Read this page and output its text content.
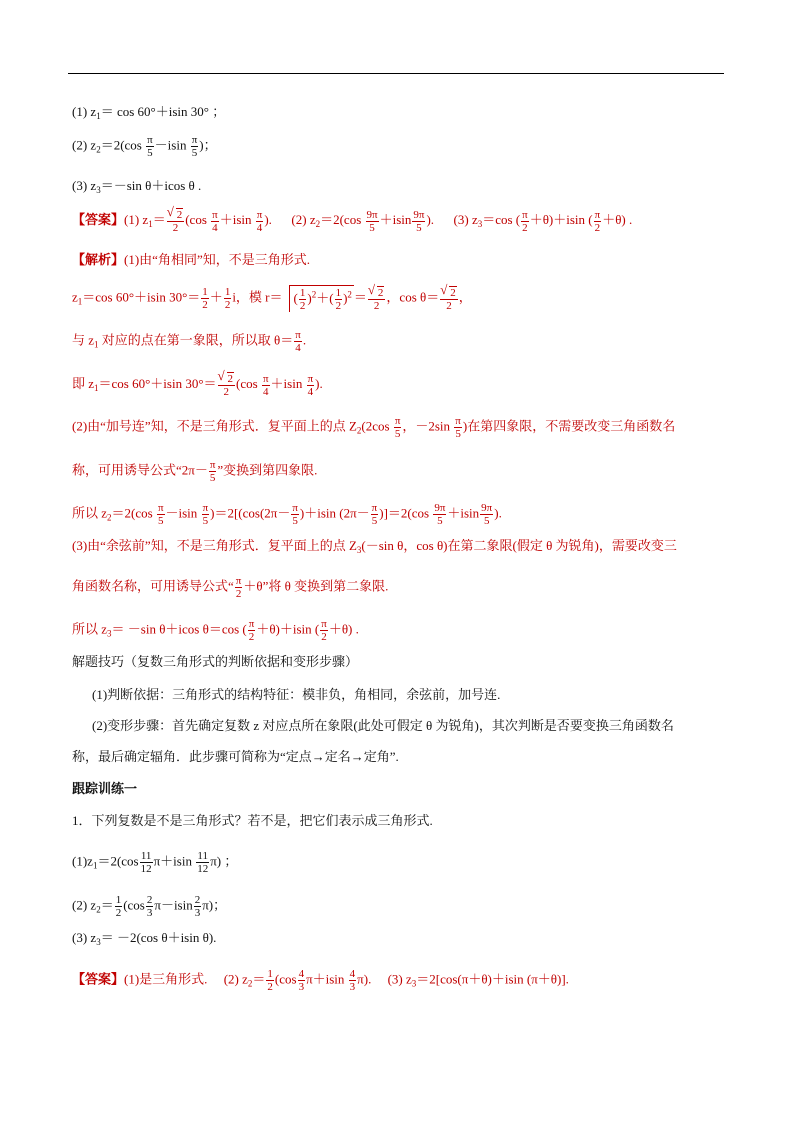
(1) $z_1= \cos 60^\circ+isin$ 30° ；
(2) $z_2=2(\cos \frac{\pi}{5} -isin \frac{\pi}{5}$ )；
(3) $z_3=-\sin$ θ＋icos θ .
【答案】(1) $z_1=$ √ $\frac{2}{2} (\cos \frac{\pi}{4} +isin \frac{\pi}{4}$ ). (2) $z_2=2(\cos \frac{9\pi}{5} +isin \frac{9\pi}{5}$ ). (3) $z_3=\cos$ ( $\frac{\pi}{2} +\theta)+isin$ ( $\frac{\pi}{2} +\theta$) .
【解析】(1)由“角相同”知，不是三角形式.
$z_1=\cos$ 60°＋isin $30^\circ= \frac{1}{2} + \frac{1}{2}$ i，模 r＝ ( $\frac{1}{2} )^2+( \frac{1}{2} )^2$ ＝ √ $\frac{2}{2}$ ，cos θ＝ √ $\frac{2}{2}$ ，
与 $z_1$ 对应的点在第一象限，所以取 $\theta= \frac{\pi}{4}$ .
即 $z_1=\cos$ 60°＋isin 30°＝ √ $\frac{2}{2} (\cos \frac{\pi}{4} +isin \frac{\pi}{4}$ ).
(2)由“加号连”知，不是三角形式．复平面上的点 $Z_2(2\cos \frac{\pi}{5}$ ，$-2\sin \frac{\pi}{5}$ )在第四象限，不需要改变三角函数名
称，可用诱导公式“$2\pi- \frac{\pi}{5}$ ”变换到第四象限.
所以 $z_2=2(\cos \frac{\pi}{5} -isin \frac{\pi}{5} )=2[(\cos(2\pi- \frac{\pi}{5} )+isin$ $(2\pi- \frac{\pi}{5} )]=2(\cos \frac{9\pi}{5} +isin \frac{9\pi}{5}$ ).
(3)由“余弦前”知，不是三角形式．复平面上的点 $Z_3(-\sin$ θ，cos θ)在第二象限(假定 θ 为锐角)，需要改变三
角函数名称，可用诱导公式“ $\frac{\pi}{2} +\theta$”将 θ 变换到第二象限.
所以 $z_3= -\sin$ θ＋icos θ＝cos ( $\frac{\pi}{2} +\theta)+isin$ ( $\frac{\pi}{2} +\theta$) .
解题技巧（复数三角形式的判断依据和变形步骤）
(1)判断依据：三角形式的结构特征：模非负，角相同，余弦前，加号连.
(2)变形步骤：首先确定复数 z 对应点所在象限(此处可假定 θ 为锐角)，其次判断是否要变换三角函数名
称，最后确定辐角．此步骤可简称为“定点→定名→定角”.
跟踪训练一
1．下列复数是不是三角形式？若不是，把它们表示成三角形式.
$(1)z_1=2(\cos \frac{11}{12} \pi+isin \frac{11}{12} \pi)$ ；
(2) $z_2= \frac{1}{2} (\cos \frac{2}{3} \pi-isin \frac{2}{3} \pi)$；
(3) $z_3= -2(\cos$ θ＋isin θ).
【答案】(1)是三角形式. (2) $z_2= \frac{1}{2} (\cos \frac{4}{3} \pi+isin \frac{4}{3} \pi)$. (3) $z_3=2[\cos(\pi+\theta)+isin$ (π＋θ)].
